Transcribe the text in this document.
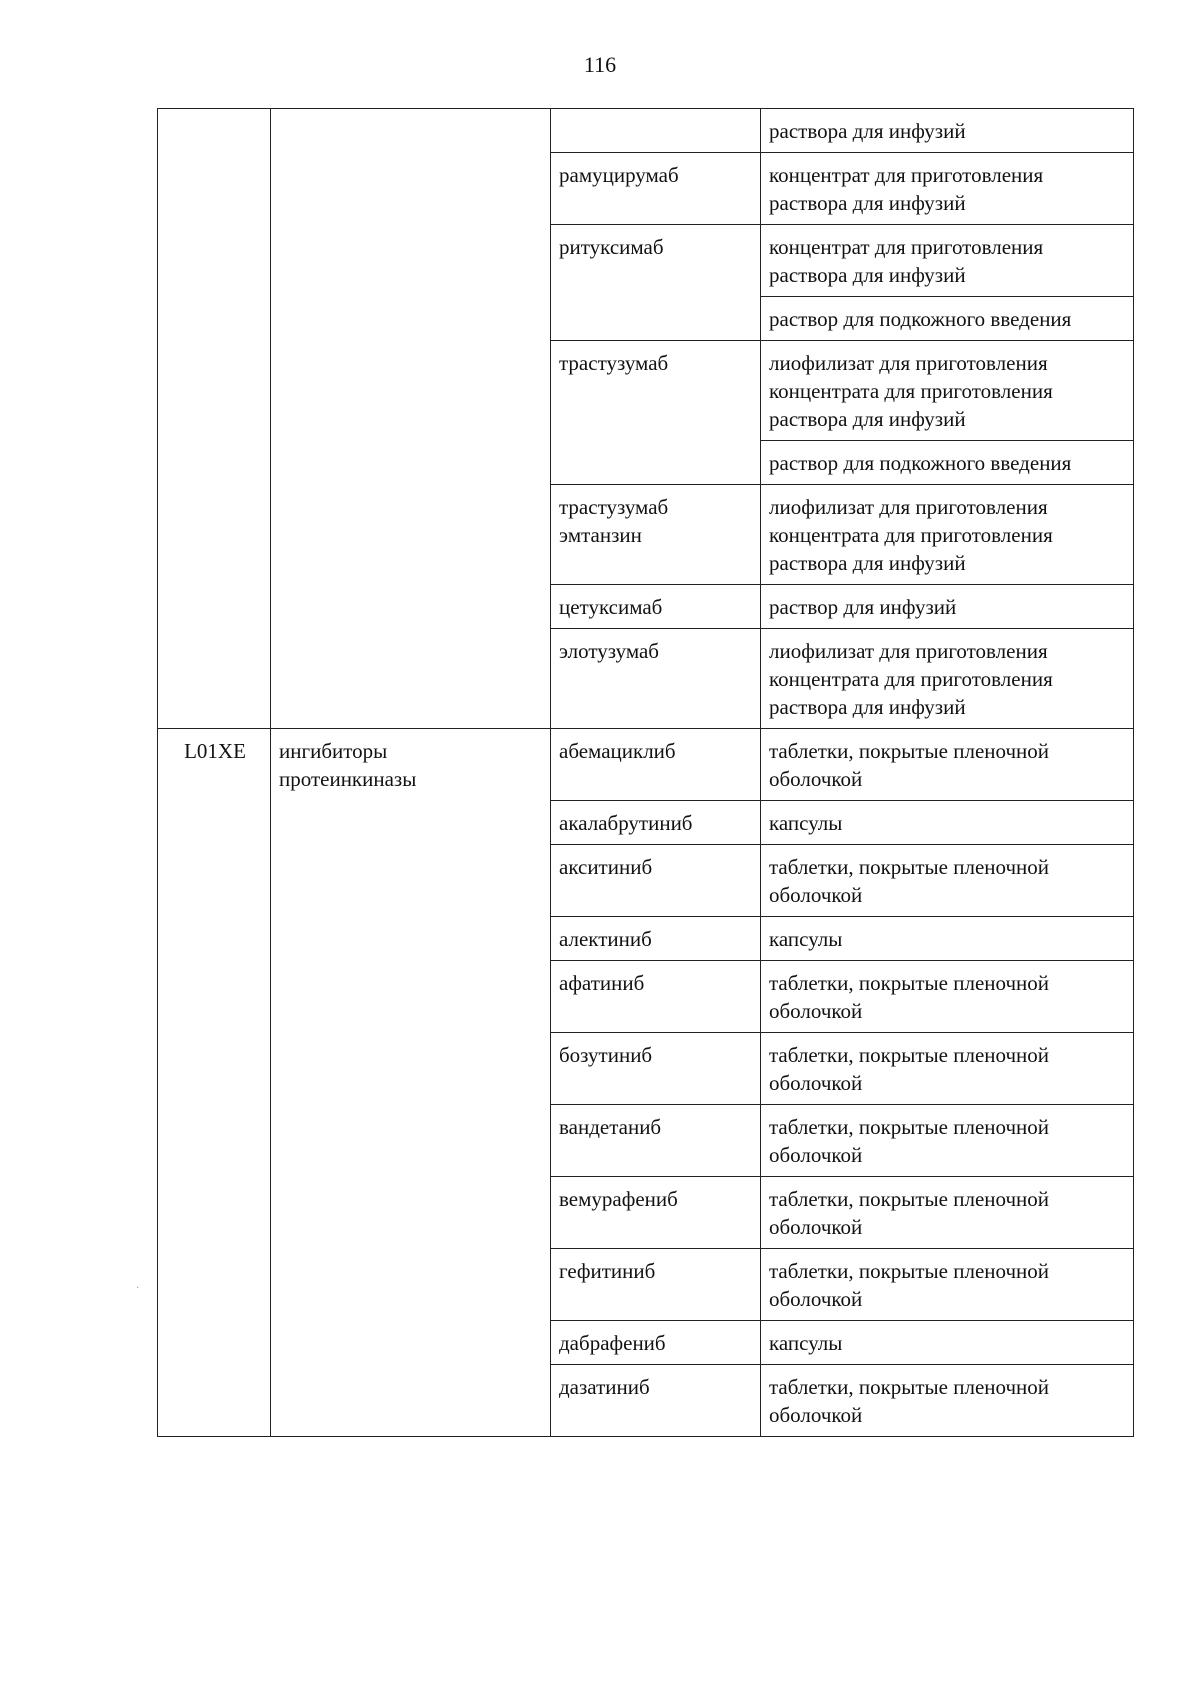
116
			раствора для инфузий
		рамуцирумаб	концентрат для приготовления
раствора для инфузий
		ритуксимаб	концентрат для приготовления
раствора для инфузий
			раствор для подкожного введения
		трастузумаб	лиофилизат для приготовления
концентрата для приготовления
раствора для инфузий
			раствор для подкожного введения
		трастузумаб
эмтанзин	лиофилизат для приготовления
концентрата для приготовления
раствора для инфузий
		цетуксимаб	раствор для инфузий
		элотузумаб	лиофилизат для приготовления
концентрата для приготовления
раствора для инфузий
L01XE	ингибиторы
протеинкиназы	абемациклиб	таблетки, покрытые пленочной
оболочкой
		акалабрутиниб	капсулы
		акситиниб	таблетки, покрытые пленочной
оболочкой
		алектиниб	капсулы
		афатиниб	таблетки, покрытые пленочной
оболочкой
		бозутиниб	таблетки, покрытые пленочной
оболочкой
		вандетаниб	таблетки, покрытые пленочной
оболочкой
		вемурафениб	таблетки, покрытые пленочной
оболочкой
		гефитиниб	таблетки, покрытые пленочной
оболочкой
		дабрафениб	капсулы
		дазатиниб	таблетки, покрытые пленочной
оболочкой
·
